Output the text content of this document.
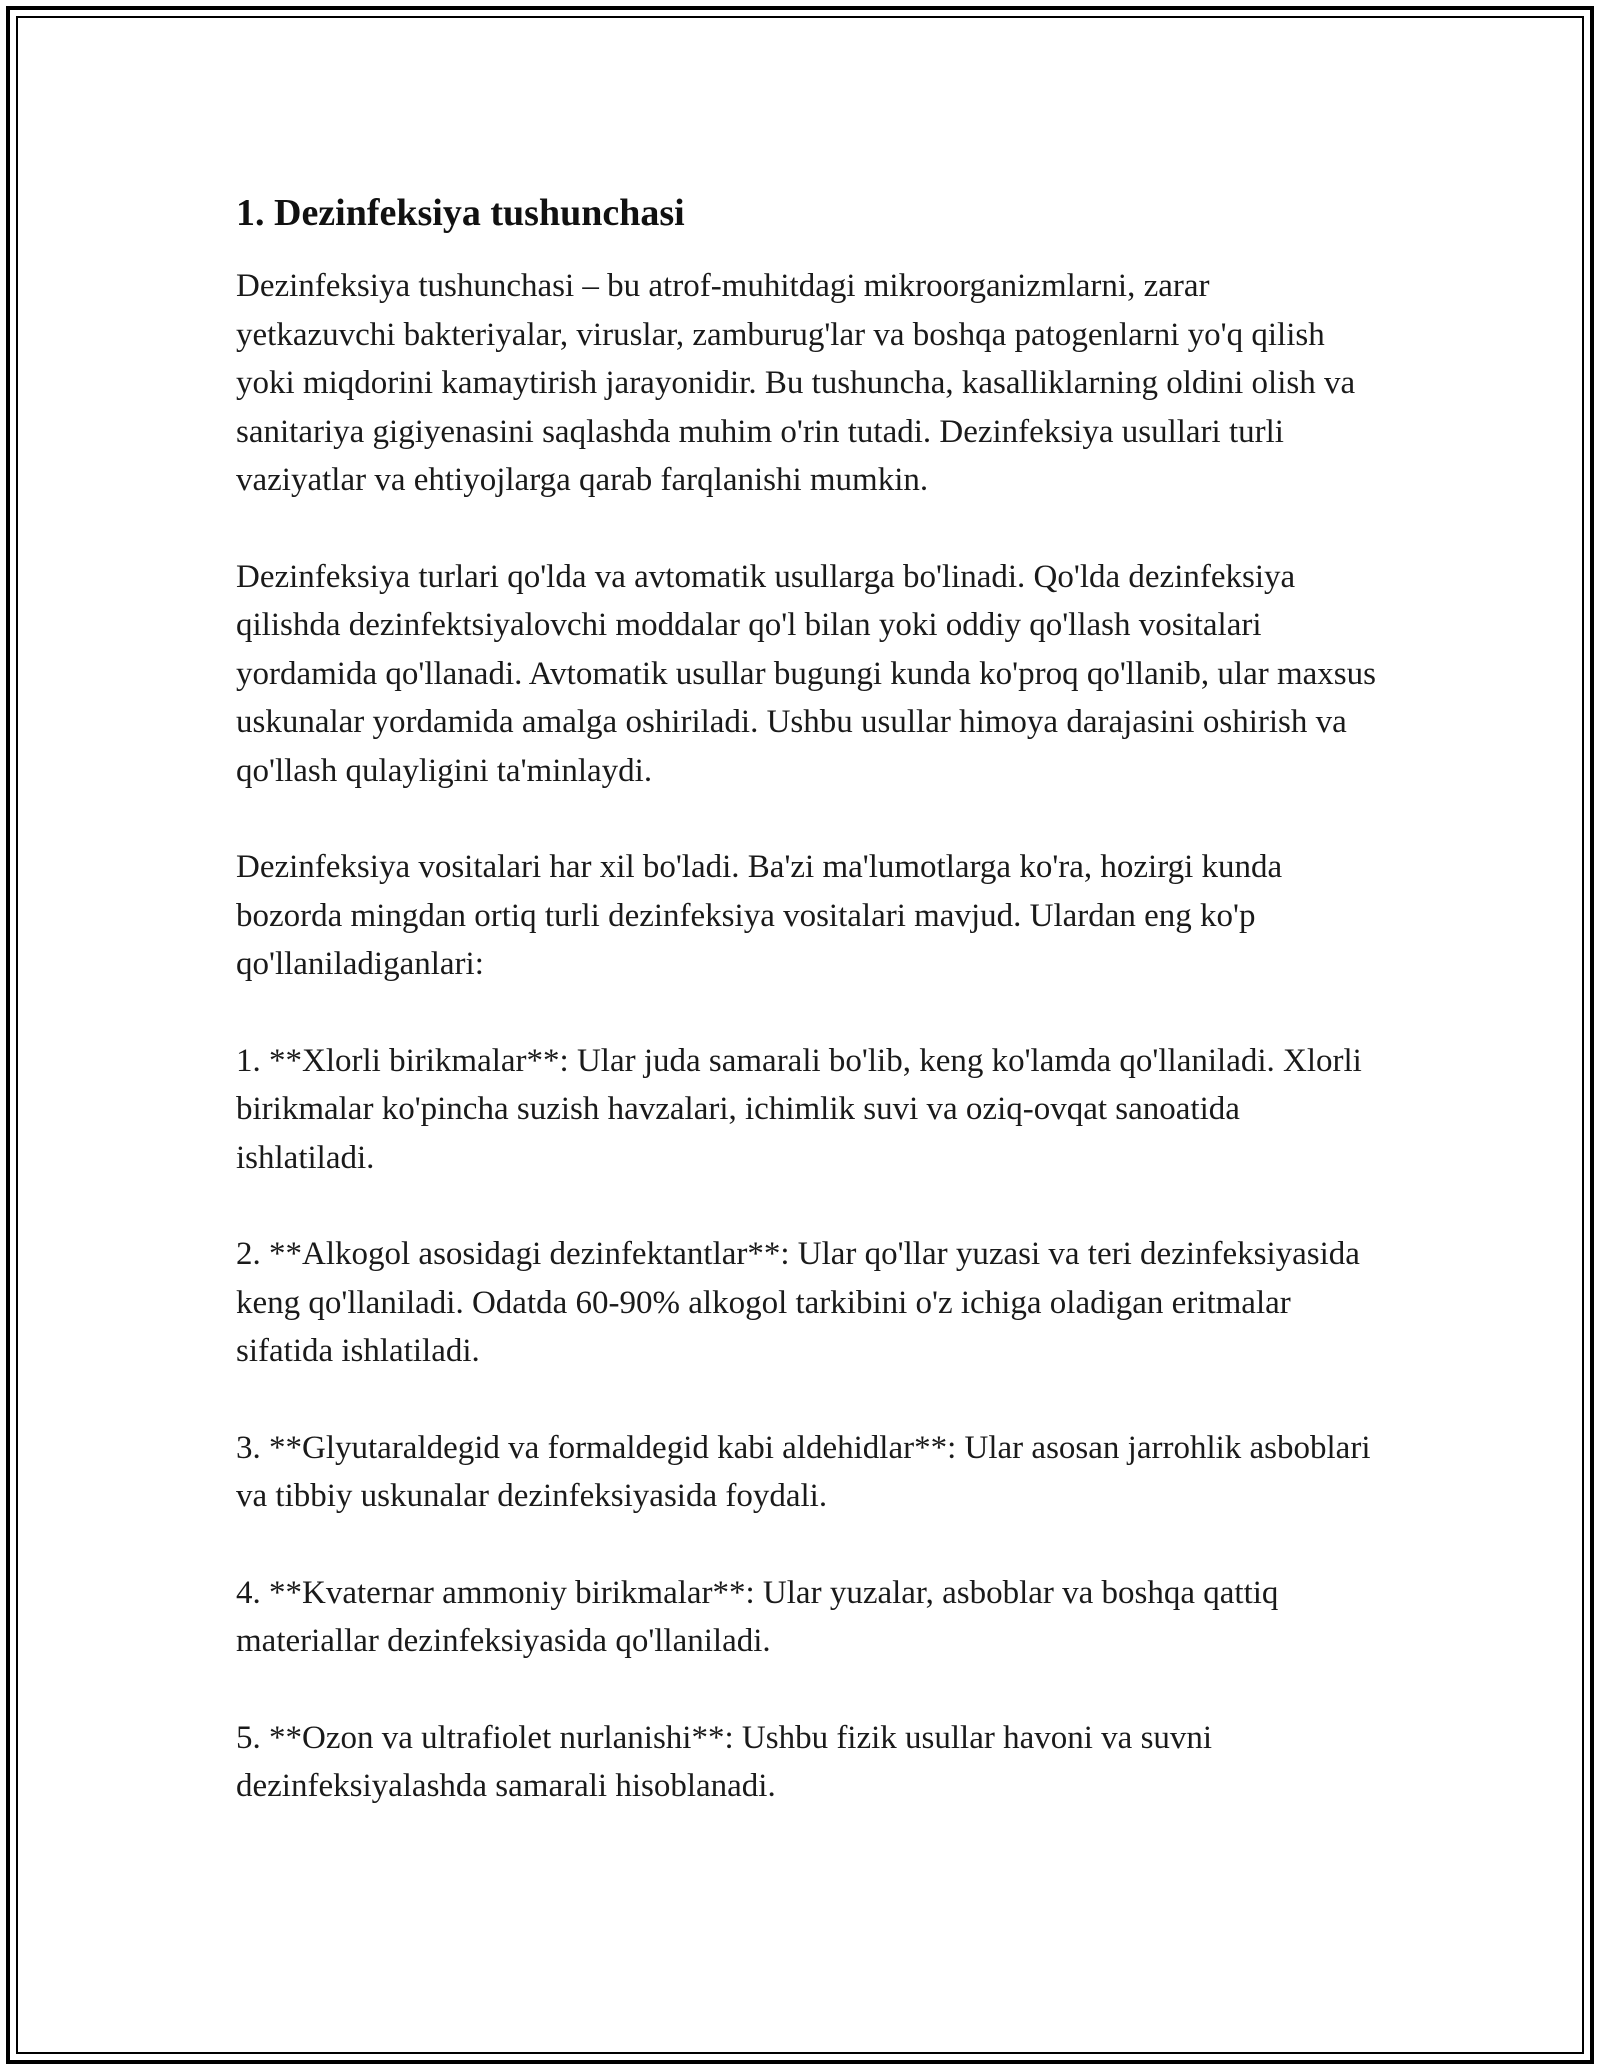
1. Dezinfeksiya tushunchasi

Dezinfeksiya tushunchasi – bu atrof-muhitdagi mikroorganizmlarni, zarar yetkazuvchi bakteriyalar, viruslar, zamburug'lar va boshqa patogenlarni yo'q qilish yoki miqdorini kamaytirish jarayonidir. Bu tushuncha, kasalliklarning oldini olish va sanitariya gigiyenasini saqlashda muhim o'rin tutadi. Dezinfeksiya usullari turli vaziyatlar va ehtiyojlarga qarab farqlanishi mumkin.

Dezinfeksiya turlari qo'lda va avtomatik usullarga bo'linadi. Qo'lda dezinfeksiya qilishda dezinfektsiyalovchi moddalar qo'l bilan yoki oddiy qo'llash vositalari yordamida qo'llanadi. Avtomatik usullar bugungi kunda ko'proq qo'llanib, ular maxsus uskunalar yordamida amalga oshiriladi. Ushbu usullar himoya darajasini oshirish va qo'llash qulayligini ta'minlaydi.

Dezinfeksiya vositalari har xil bo'ladi. Ba'zi ma'lumotlarga ko'ra, hozirgi kunda bozorda mingdan ortiq turli dezinfeksiya vositalari mavjud. Ulardan eng ko'p qo'llaniladiganlari:

1. **Xlorli birikmalar**: Ular juda samarali bo'lib, keng ko'lamda qo'llaniladi. Xlorli birikmalar ko'pincha suzish havzalari, ichimlik suvi va oziq-ovqat sanoatida ishlatiladi.

2. **Alkogol asosidagi dezinfektantlar**: Ular qo'llar yuzasi va teri dezinfeksiyasida keng qo'llaniladi. Odatda 60-90% alkogol tarkibini o'z ichiga oladigan eritmalar sifatida ishlatiladi.

3. **Glyutaraldegid va formaldegid kabi aldehidlar**: Ular asosan jarrohlik asboblari va tibbiy uskunalar dezinfeksiyasida foydali.

4. **Kvaternar ammoniy birikmalar**: Ular yuzalar, asboblar va boshqa qattiq materiallar dezinfeksiyasida qo'llaniladi.

5. **Ozon va ultrafiolet nurlanishi**: Ushbu fizik usullar havoni va suvni dezinfeksiyalashda samarali hisoblanadi.
